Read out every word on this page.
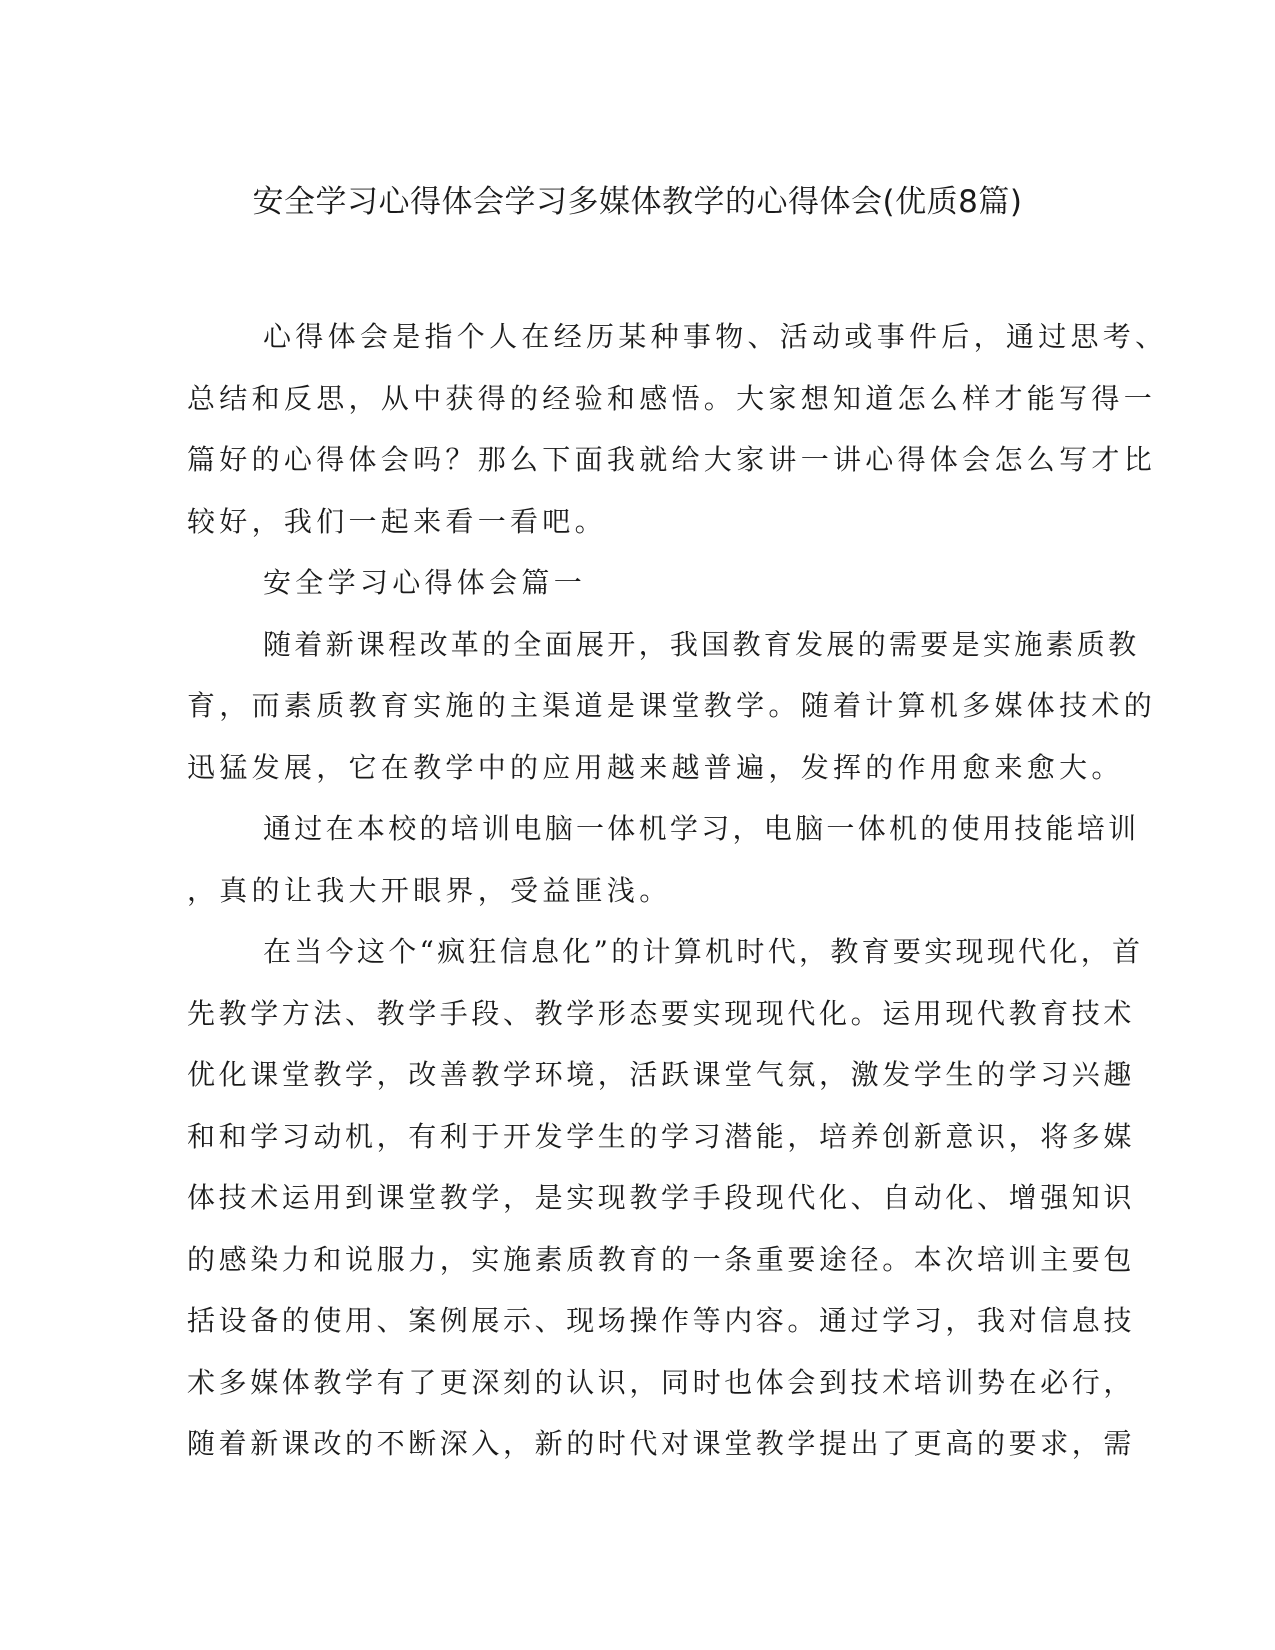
安全学习心得体会学习多媒体教学的心得体会(优质8篇)

心得体会是指个人在经历某种事物、活动或事件后，通过思考、

总结和反思，从中获得的经验和感悟。大家想知道怎么样才能写得一

篇好的心得体会吗？那么下面我就给大家讲一讲心得体会怎么写才比

较好，我们一起来看一看吧。

安全学习心得体会篇一

随着新课程改革的全面展开，我国教育发展的需要是实施素质教

育，而素质教育实施的主渠道是课堂教学。随着计算机多媒体技术的

迅猛发展，它在教学中的应用越来越普遍，发挥的作用愈来愈大。

通过在本校的培训电脑一体机学习，电脑一体机的使用技能培训

，真的让我大开眼界，受益匪浅。

在当今这个“疯狂信息化”的计算机时代，教育要实现现代化，首

先教学方法、教学手段、教学形态要实现现代化。运用现代教育技术

优化课堂教学，改善教学环境，活跃课堂气氛，激发学生的学习兴趣

和和学习动机，有利于开发学生的学习潜能，培养创新意识，将多媒

体技术运用到课堂教学，是实现教学手段现代化、自动化、增强知识

的感染力和说服力，实施素质教育的一条重要途径。本次培训主要包

括设备的使用、案例展示、现场操作等内容。通过学习，我对信息技

术多媒体教学有了更深刻的认识，同时也体会到技术培训势在必行，

随着新课改的不断深入，新的时代对课堂教学提出了更高的要求，需
